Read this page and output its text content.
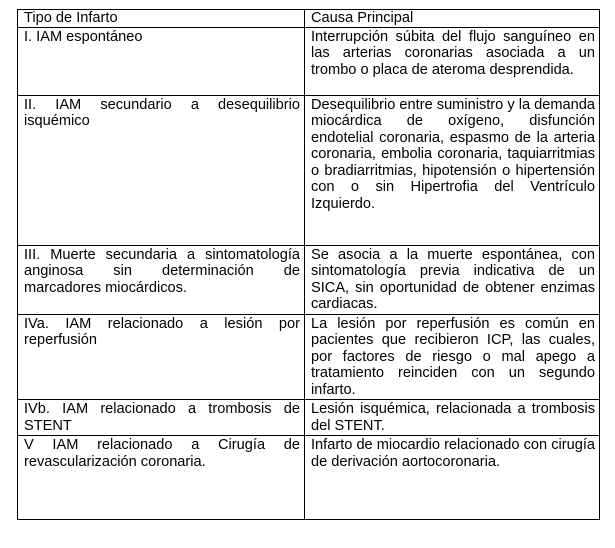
Tipo de Infarto	Causa Principal
I. IAM espontáneo	Interrupción súbita del flujo sanguíneo en las arterias coronarias asociada a un trombo o placa de ateroma desprendida.
II. IAM secundario a desequilibrio isquémico	Desequilibrio entre suministro y la demanda miocárdica de oxígeno, disfunción endotelial coronaria, espasmo de la arteria coronaria, embolia coronaria, taquiarritmias o bradiarritmias, hipotensión o hipertensión con o sin Hipertrofia del Ventrículo Izquierdo.
III. Muerte secundaria a sintomatología anginosa sin determinación de marcadores miocárdicos.	Se asocia a la muerte espontánea, con sintomatología previa indicativa de un SICA, sin oportunidad de obtener enzimas cardiacas.
IVa. IAM relacionado a lesión por reperfusión	La lesión por reperfusión es común en pacientes que recibieron ICP, las cuales, por factores de riesgo o mal apego a tratamiento reinciden con un segundo infarto.
IVb. IAM relacionado a trombosis de STENT	Lesión isquémica, relacionada a trombosis del STENT.
V IAM relacionado a Cirugía de revascularización coronaria.	Infarto de miocardio relacionado con cirugía de derivación aortocoronaria.
